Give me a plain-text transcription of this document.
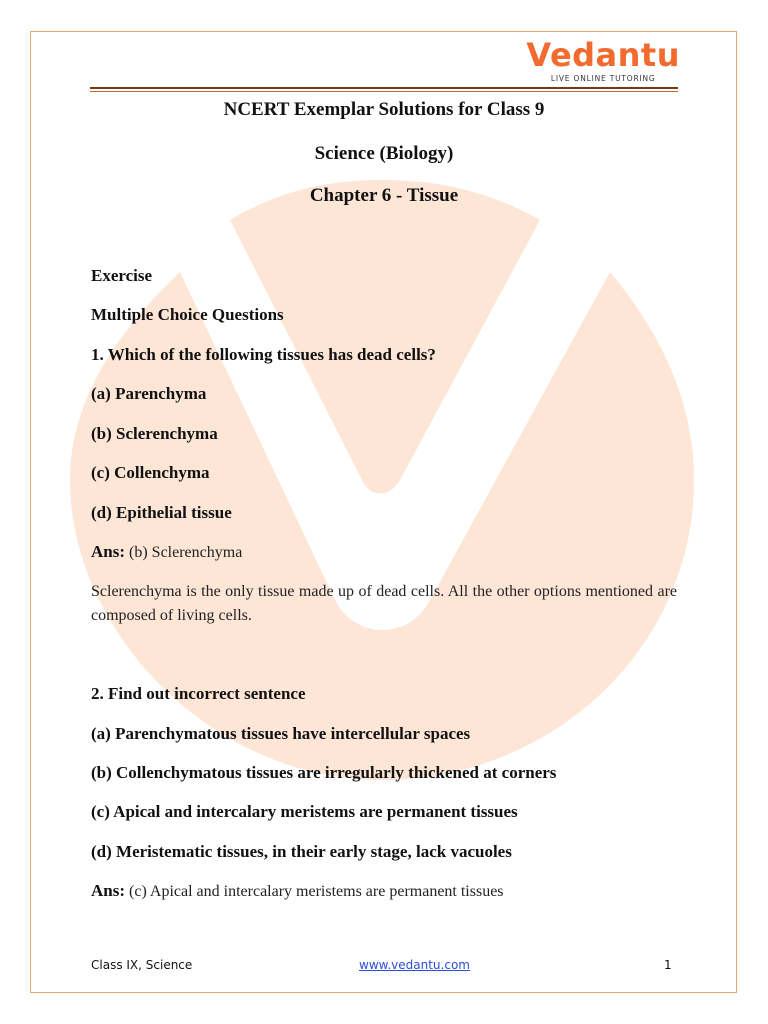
Vedantu
LIVE ONLINE TUTORING
NCERT Exemplar Solutions for Class 9
Science (Biology)
Chapter 6 - Tissue
Exercise
Multiple Choice Questions
1. Which of the following tissues has dead cells?
(a) Parenchyma
(b) Sclerenchyma
(c) Collenchyma
(d) Epithelial tissue
Ans: (b) Sclerenchyma
Sclerenchyma is the only tissue made up of dead cells. All the other options mentioned are composed of living cells.
2. Find out incorrect sentence
(a) Parenchymatous tissues have intercellular spaces
(b) Collenchymatous tissues are irregularly thickened at corners
(c) Apical and intercalary meristems are permanent tissues
(d) Meristematic tissues, in their early stage, lack vacuoles
Ans: (c) Apical and intercalary meristems are permanent tissues
Class IX, Science	www.vedantu.com	1
